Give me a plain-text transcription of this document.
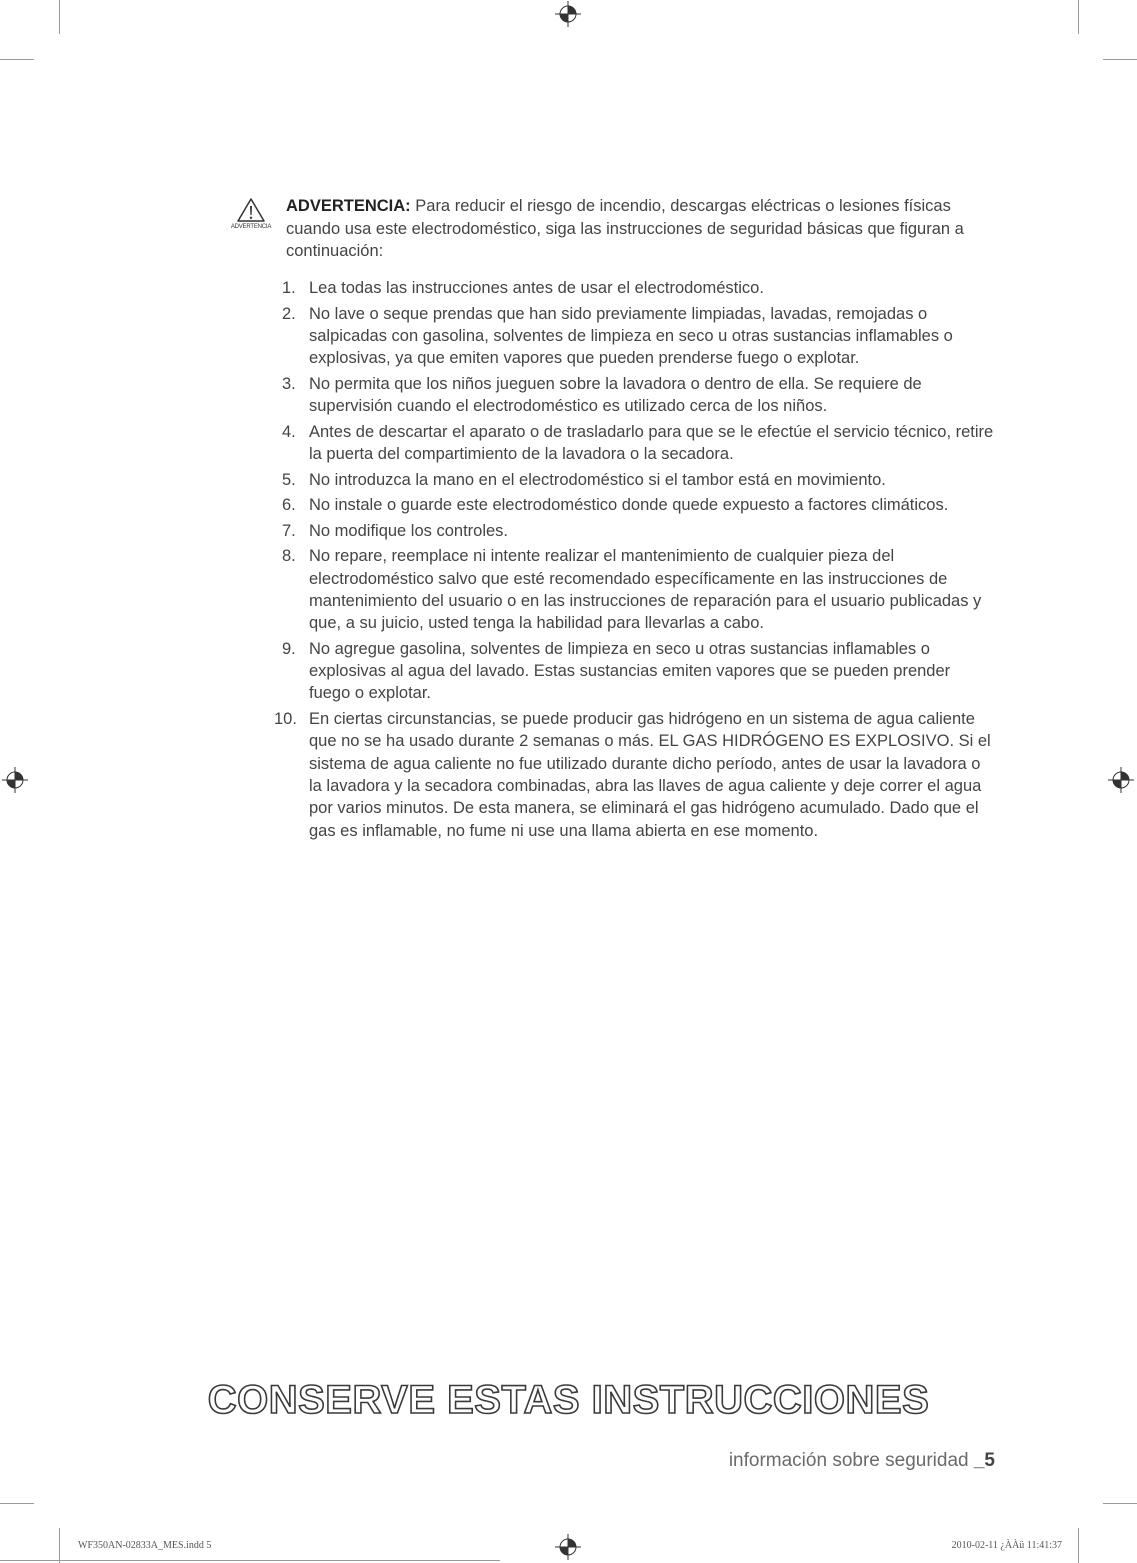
ADVERTENCIA

ADVERTENCIA: Para reducir el riesgo de incendio, descargas eléctricas o lesiones físicas cuando usa este electrodoméstico, siga las instrucciones de seguridad básicas que figuran a continuación:

1. Lea todas las instrucciones antes de usar el electrodoméstico.
2. No lave o seque prendas que han sido previamente limpiadas, lavadas, remojadas o salpicadas con gasolina, solventes de limpieza en seco u otras sustancias inflamables o explosivas, ya que emiten vapores que pueden prenderse fuego o explotar.
3. No permita que los niños jueguen sobre la lavadora o dentro de ella. Se requiere de supervisión cuando el electrodoméstico es utilizado cerca de los niños.
4. Antes de descartar el aparato o de trasladarlo para que se le efectúe el servicio técnico, retire la puerta del compartimiento de la lavadora o la secadora.
5. No introduzca la mano en el electrodoméstico si el tambor está en movimiento.
6. No instale o guarde este electrodoméstico donde quede expuesto a factores climáticos.
7. No modifique los controles.
8. No repare, reemplace ni intente realizar el mantenimiento de cualquier pieza del electrodoméstico salvo que esté recomendado específicamente en las instrucciones de mantenimiento del usuario o en las instrucciones de reparación para el usuario publicadas y que, a su juicio, usted tenga la habilidad para llevarlas a cabo.
9. No agregue gasolina, solventes de limpieza en seco u otras sustancias inflamables o explosivas al agua del lavado. Estas sustancias emiten vapores que se pueden prender fuego o explotar.
10. En ciertas circunstancias, se puede producir gas hidrógeno en un sistema de agua caliente que no se ha usado durante 2 semanas o más. EL GAS HIDRÓGENO ES EXPLOSIVO. Si el sistema de agua caliente no fue utilizado durante dicho período, antes de usar la lavadora o la lavadora y la secadora combinadas, abra las llaves de agua caliente y deje correr el agua por varios minutos. De esta manera, se eliminará el gas hidrógeno acumulado. Dado que el gas es inflamable, no fume ni use una llama abierta en ese momento.
CONSERVE ESTAS INSTRUCCIONES
información sobre seguridad _5
WF350AN-02833A_MES.indd 5	2010-02-11 ¿ÀÀü 11:41:37
